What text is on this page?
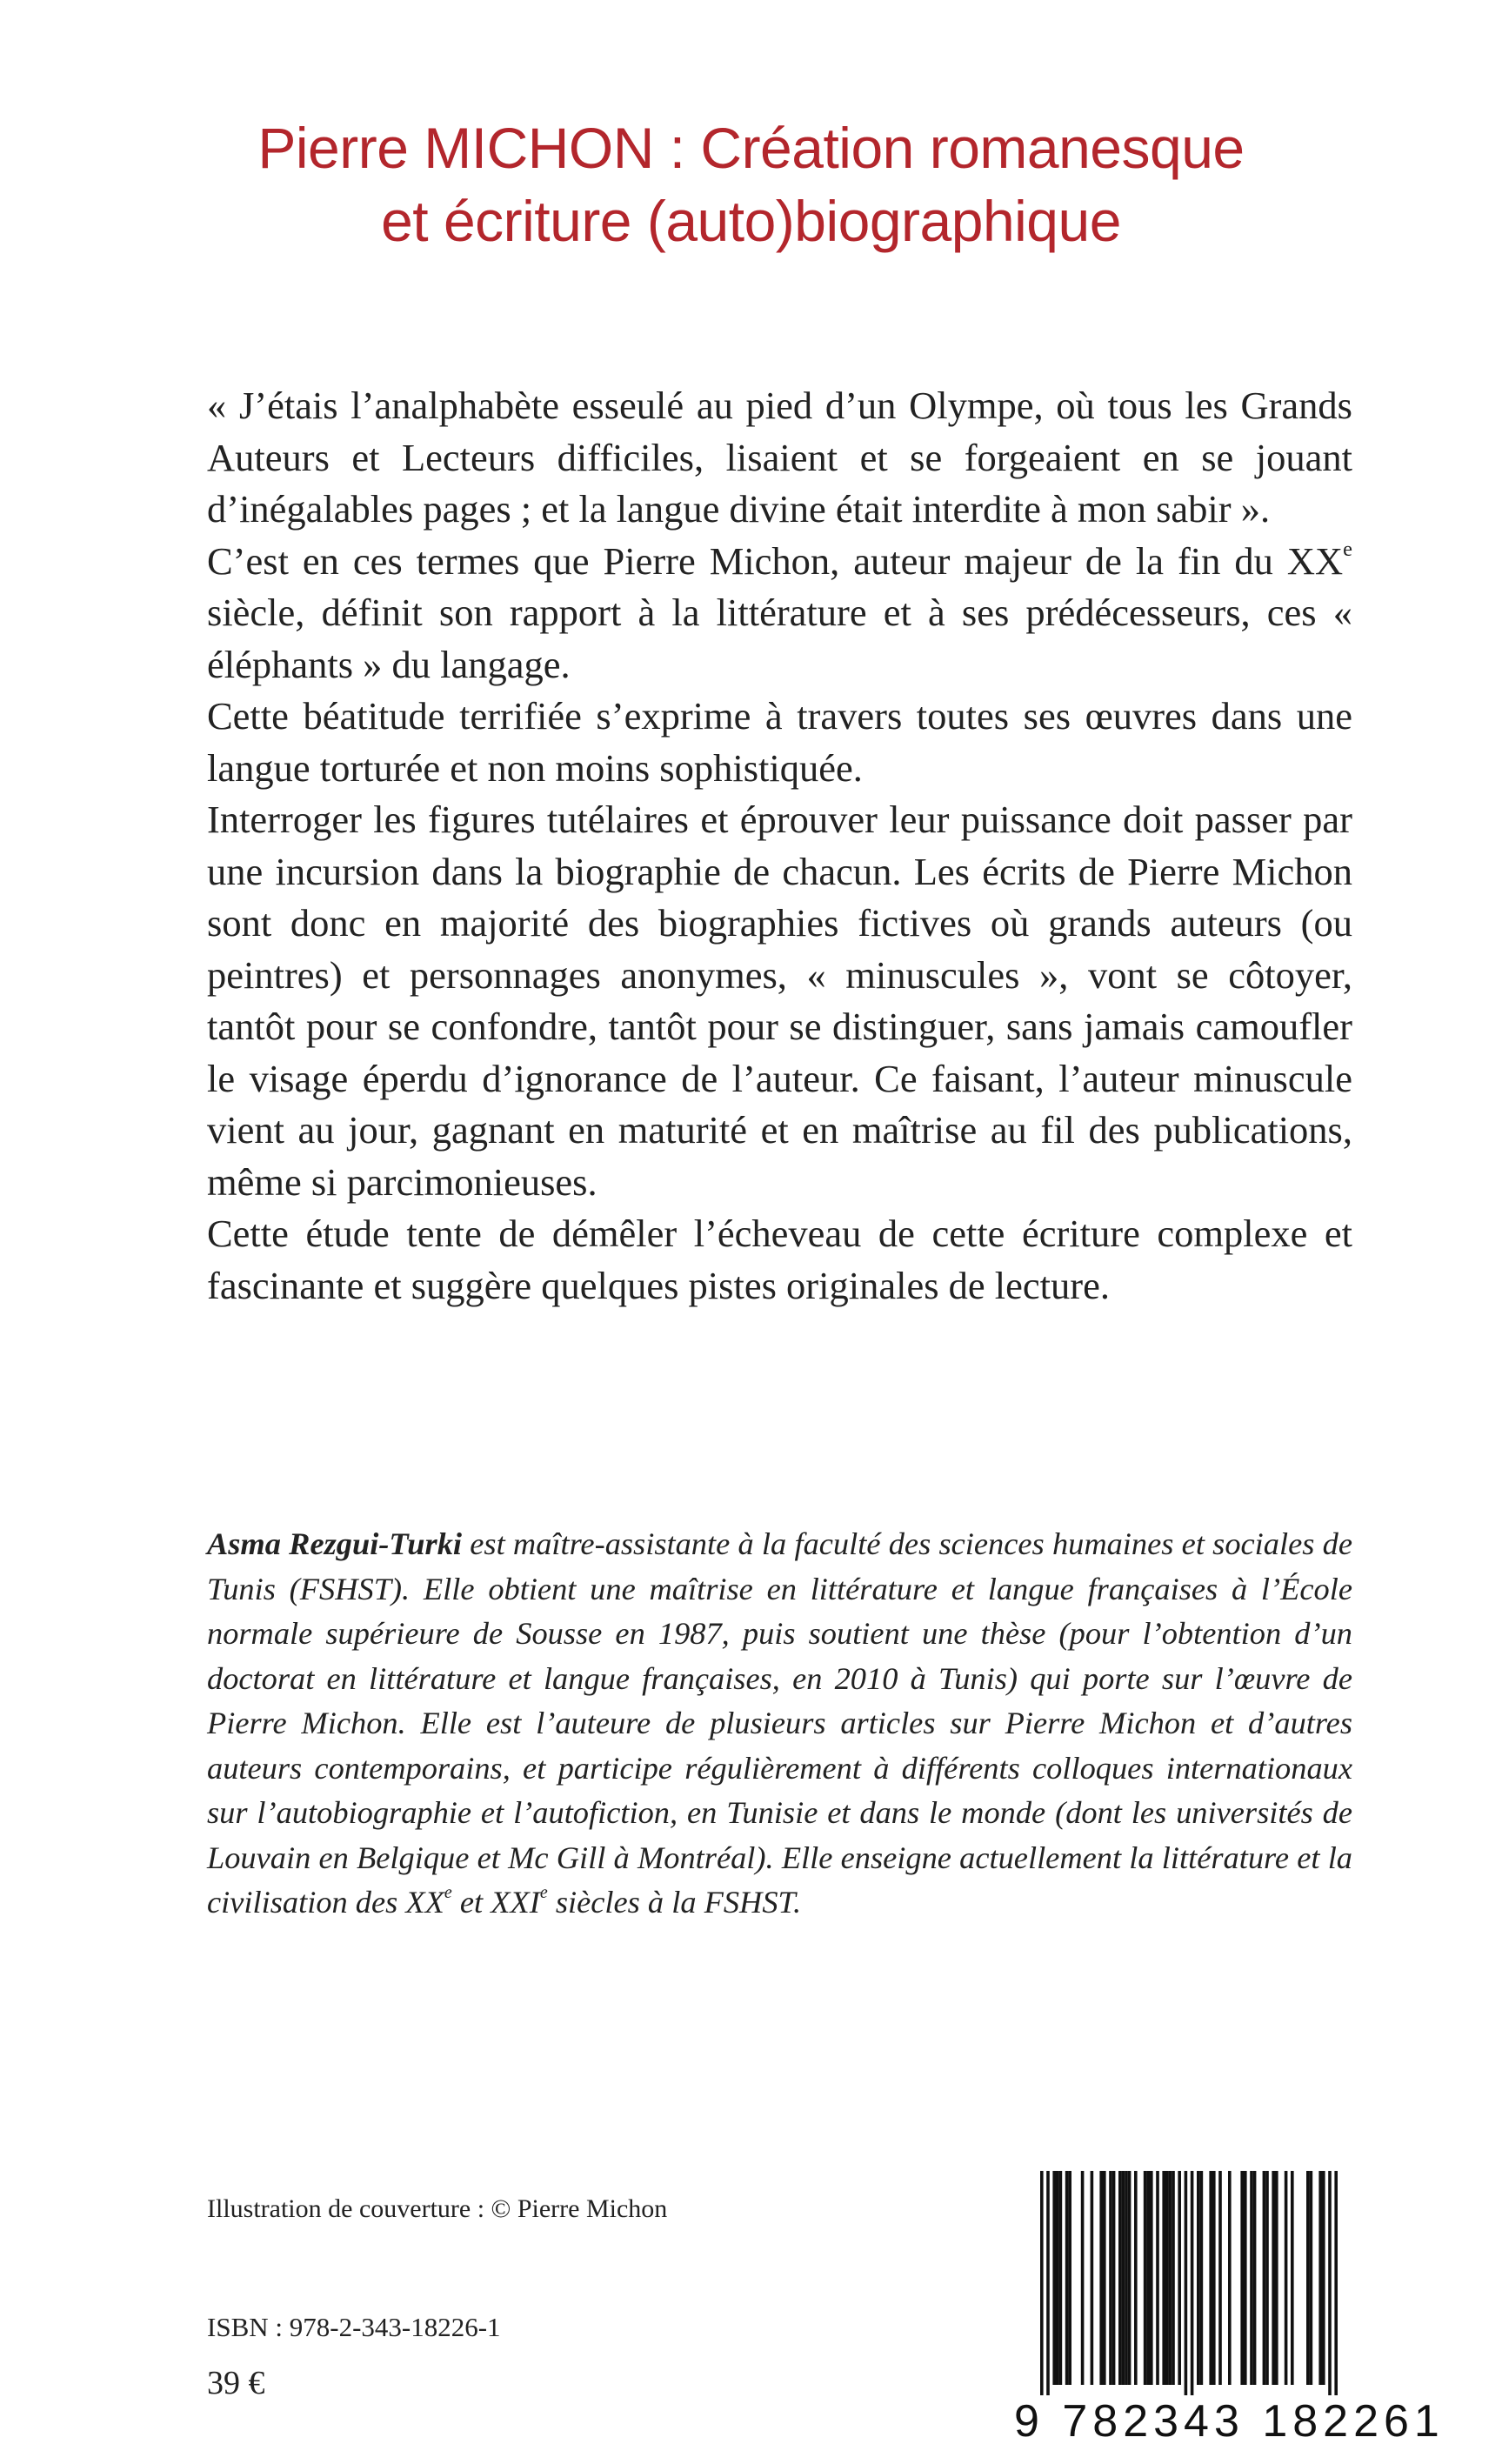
Pierre MICHON : Création romanesque
et écriture (auto)biographique

« J’étais l’analphabète esseulé au pied d’un Olympe, où tous les Grands Auteurs et Lecteurs difficiles, lisaient et se forgeaient en se jouant d’inégalables pages ; et la langue divine était interdite à mon sabir ».

C’est en ces termes que Pierre Michon, auteur majeur de la fin du XXe siècle, définit son rapport à la littérature et à ses prédécesseurs, ces « éléphants » du langage.

Cette béatitude terrifiée s’exprime à travers toutes ses œuvres dans une langue torturée et non moins sophistiquée.

Interroger les figures tutélaires et éprouver leur puissance doit passer par une incursion dans la biographie de chacun. Les écrits de Pierre Michon sont donc en majorité des biographies fictives où grands auteurs (ou peintres) et personnages anonymes, « minuscules », vont se côtoyer, tantôt pour se confondre, tantôt pour se distinguer, sans jamais camoufler le visage éperdu d’ignorance de l’auteur. Ce faisant, l’auteur minuscule vient au jour, gagnant en maturité et en maîtrise au fil des publications, même si parcimonieuses.

Cette étude tente de démêler l’écheveau de cette écriture complexe et fascinante et suggère quelques pistes originales de lecture.

Asma Rezgui-Turki est maître-assistante à la faculté des sciences humaines et sociales de Tunis (FSHST). Elle obtient une maîtrise en littérature et langue françaises à l’École normale supérieure de Sousse en 1987, puis soutient une thèse (pour l’obtention d’un doctorat en littérature et langue françaises, en 2010 à Tunis) qui porte sur l’œuvre de Pierre Michon. Elle est l’auteure de plusieurs articles sur Pierre Michon et d’autres auteurs contemporains, et participe régulièrement à différents colloques internationaux sur l’autobiographie et l’autofiction, en Tunisie et dans le monde (dont les universités de Louvain en Belgique et Mc Gill à Montréal). Elle enseigne actuellement la littérature et la civilisation des XXe et XXIe siècles à la FSHST.

Illustration de couverture : © Pierre Michon
ISBN : 978-2-343-18226-1
39 €
9 782343 182261
